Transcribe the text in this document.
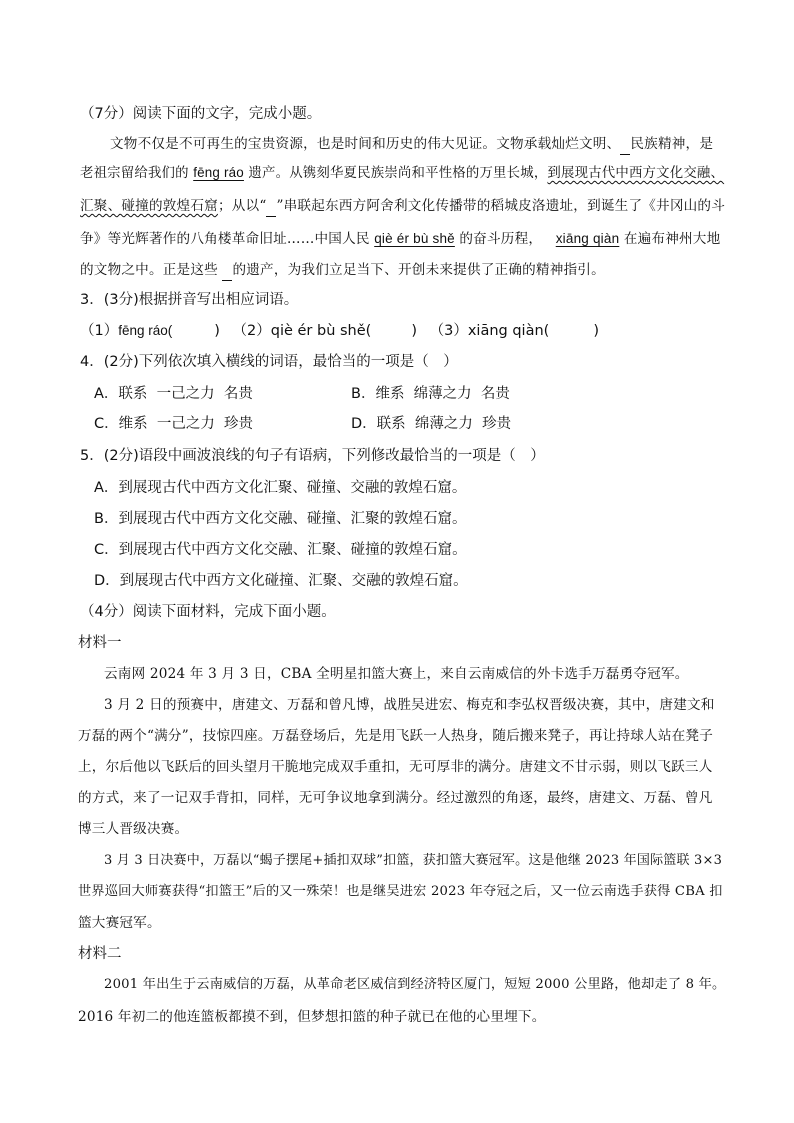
（7分）阅读下面的文字，完成小题。
文物不仅是不可再生的宝贵资源，也是时间和历史的伟大见证。文物承载灿烂文明、 民族精神，是
老祖宗留给我们的 fēng ráo 遗产。从镌刻华夏民族崇尚和平性格的万里长城，到展现古代中西方文化交融、
汇聚、碰撞的敦煌石窟；从以“ ”串联起东西方阿舍利文化传播带的稻城皮洛遗址，到诞生了《井冈山的斗
争》等光辉著作的八角楼革命旧址……中国人民 qiè ér bù shě 的奋斗历程， xiāng qiàn 在遍布神州大地
的文物之中。正是这些 的遗产，为我们立足当下、开创未来提供了正确的精神指引。
3．(3分)根据拼音写出相应词语。
（1）fēng ráo(	) （2）qiè ér bù shě(	) （3）xiāng qiàn(	)
4．(2分)下列依次填入横线的词语，最恰当的一项是（　）
A．联系  一己之力  名贵	B．维系  绵薄之力  名贵
C．维系  一己之力  珍贵	D．联系  绵薄之力  珍贵
5．(2分)语段中画波浪线的句子有语病，下列修改最恰当的一项是（　）
A．到展现古代中西方文化汇聚、碰撞、交融的敦煌石窟。
B．到展现古代中西方文化交融、碰撞、汇聚的敦煌石窟。
C．到展现古代中西方文化交融、汇聚、碰撞的敦煌石窟。
D．到展现古代中西方文化碰撞、汇聚、交融的敦煌石窟。
（4分）阅读下面材料，完成下面小题。
材料一
云南网 2024 年 3 月 3 日，CBA 全明星扣篮大赛上，来自云南威信的外卡选手万磊勇夺冠军。
3 月 2 日的预赛中，唐建文、万磊和曾凡博，战胜吴进宏、梅克和李弘权晋级决赛，其中，唐建文和
万磊的两个“满分”，技惊四座。万磊登场后，先是用飞跃一人热身，随后搬来凳子，再让持球人站在凳子
上，尔后他以飞跃后的回头望月干脆地完成双手重扣，无可厚非的满分。唐建文不甘示弱，则以飞跃三人
的方式，来了一记双手背扣，同样，无可争议地拿到满分。经过激烈的角逐，最终，唐建文、万磊、曾凡
博三人晋级决赛。
3 月 3 日决赛中，万磊以“蝎子摆尾+插扣双球”扣篮，获扣篮大赛冠军。这是他继 2023 年国际篮联 3×3
世界巡回大师赛获得“扣篮王”后的又一殊荣！也是继吴进宏 2023 年夺冠之后，又一位云南选手获得 CBA 扣
篮大赛冠军。
材料二
2001 年出生于云南威信的万磊，从革命老区威信到经济特区厦门，短短 2000 公里路，他却走了 8 年。
2016 年初二的他连篮板都摸不到，但梦想扣篮的种子就已在他的心里埋下。
